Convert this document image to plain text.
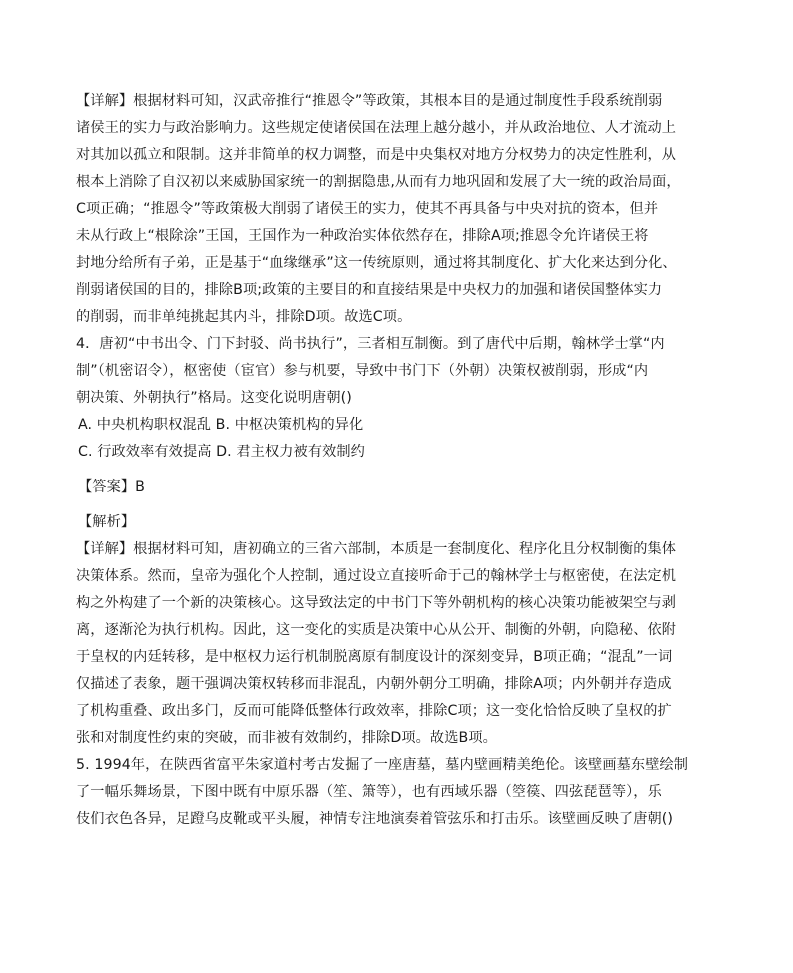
【详解】根据材料可知，汉武帝推行“推恩令”等政策，其根本目的是通过制度性手段系统削弱

诸侯王的实力与政治影响力。这些规定使诸侯国在法理上越分越小，并从政治地位、人才流动上

对其加以孤立和限制。这并非简单的权力调整，而是中央集权对地方分权势力的决定性胜利，从

根本上消除了自汉初以来威胁国家统一的割据隐患,从而有力地巩固和发展了大一统的政治局面，

C项正确；“推恩令”等政策极大削弱了诸侯王的实力，使其不再具备与中央对抗的资本，但并

未从行政上“根除涂”王国，王国作为一种政治实体依然存在，排除A项;推恩令允许诸侯王将

封地分给所有子弟，正是基于“血缘继承”这一传统原则，通过将其制度化、扩大化来达到分化、

削弱诸侯国的目的，排除B项;政策的主要目的和直接结果是中央权力的加强和诸侯国整体实力

的削弱，而非单纯挑起其内斗，排除D项。故选C项。

4．唐初“中书出令、门下封驳、尚书执行”，三者相互制衡。到了唐代中后期，翰林学士掌“内

制”（机密诏令），枢密使（宦官）参与机要，导致中书门下（外朝）决策权被削弱，形成“内

朝决策、外朝执行”格局。这变化说明唐朝()

A. 中央机构职权混乱 B. 中枢决策机构的异化

C. 行政效率有效提高 D. 君主权力被有效制约

【答案】B

【解析】

【详解】根据材料可知，唐初确立的三省六部制，本质是一套制度化、程序化且分权制衡的集体

决策体系。然而，皇帝为强化个人控制，通过设立直接听命于己的翰林学士与枢密使，在法定机

构之外构建了一个新的决策核心。这导致法定的中书门下等外朝机构的核心决策功能被架空与剥

离，逐渐沦为执行机构。因此，这一变化的实质是决策中心从公开、制衡的外朝，向隐秘、依附

于皇权的内廷转移，是中枢权力运行机制脱离原有制度设计的深刻变异，B项正确；“混乱”一词

仅描述了表象，题干强调决策权转移而非混乱，内朝外朝分工明确，排除A项；内外朝并存造成

了机构重叠、政出多门，反而可能降低整体行政效率，排除C项；这一变化恰恰反映了皇权的扩

张和对制度性约束的突破，而非被有效制约，排除D项。故选B项。

5. 1994年，在陕西省富平朱家道村考古发掘了一座唐墓，墓内壁画精美绝伦。该壁画墓东壁绘制

了一幅乐舞场景，下图中既有中原乐器（笙、箫等），也有西域乐器（箜篌、四弦琵琶等），乐

伎们衣色各异，足蹬乌皮靴或平头履，神情专注地演奏着管弦乐和打击乐。该壁画反映了唐朝()
